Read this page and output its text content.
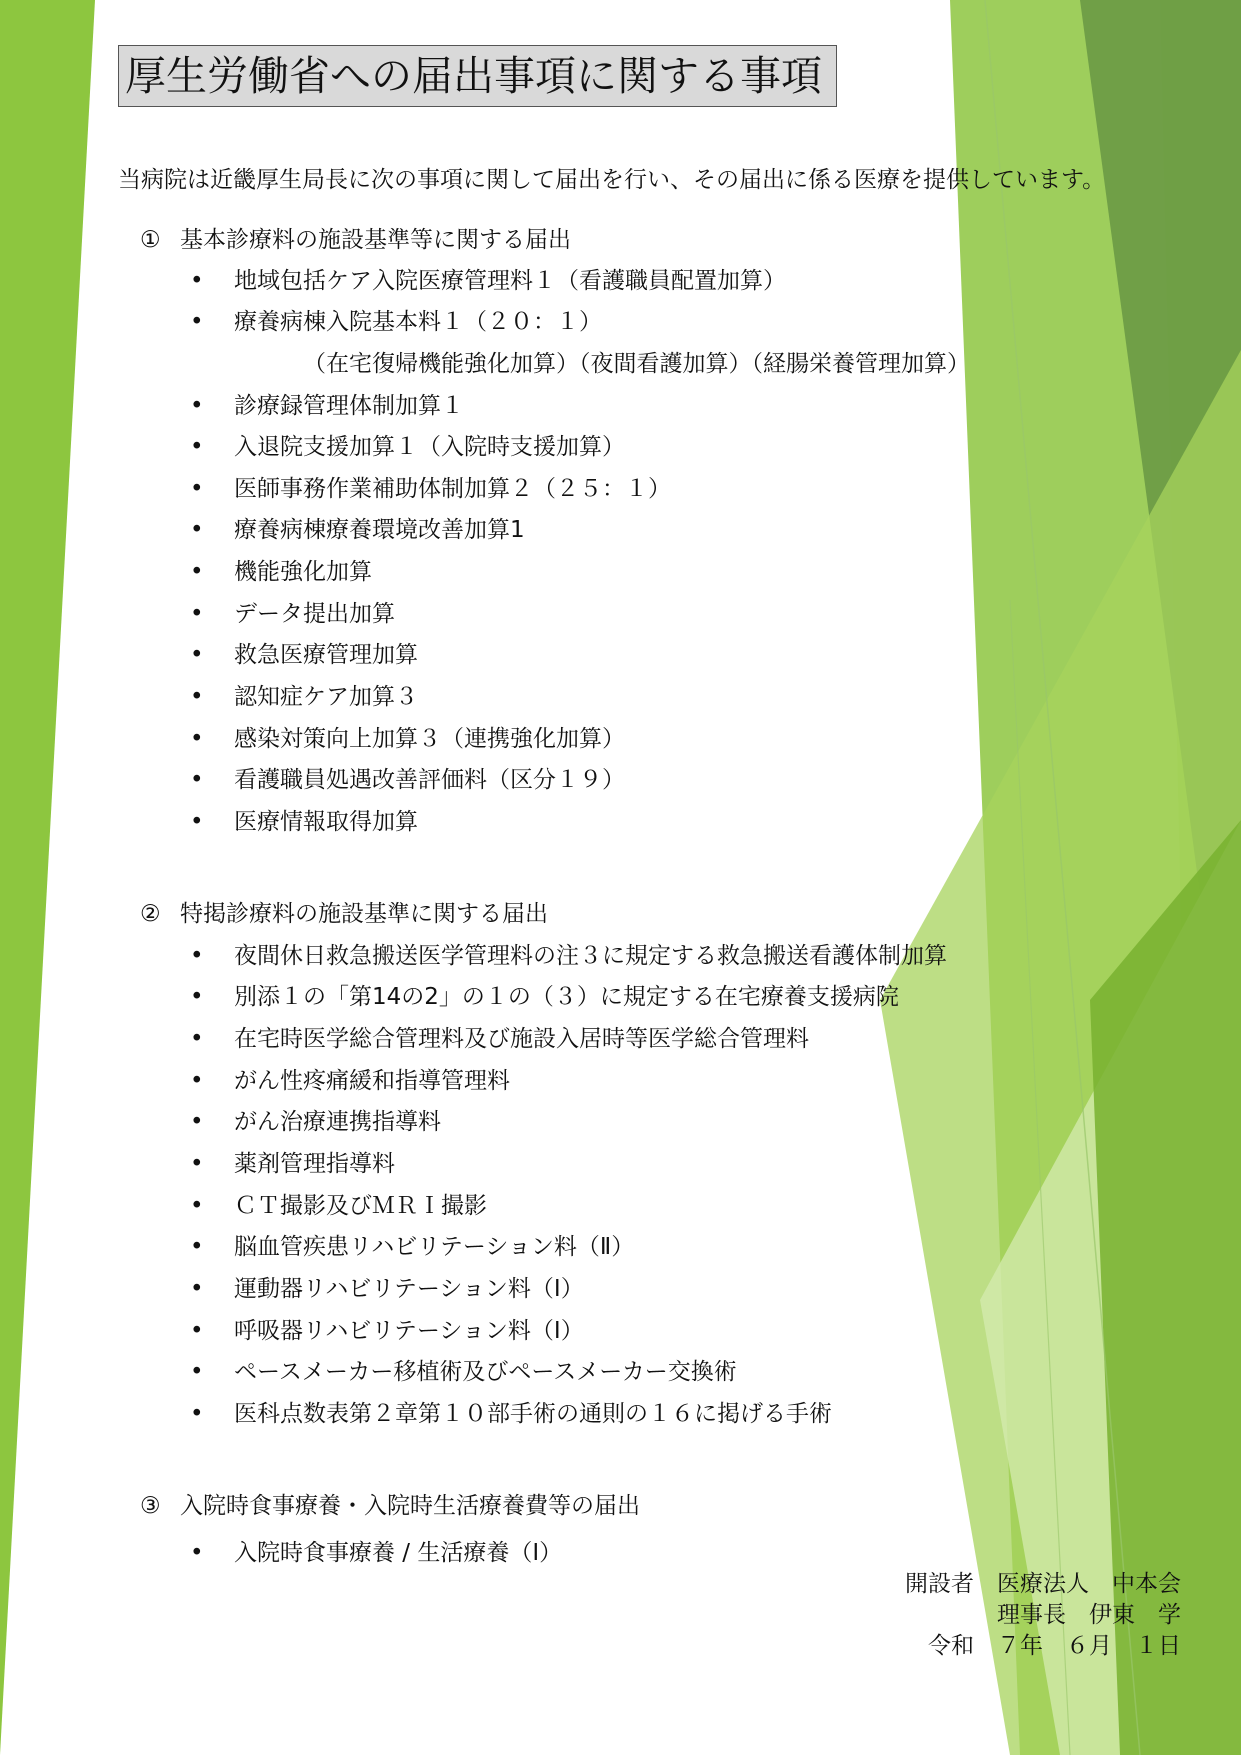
厚生労働省への届出事項に関する事項
当病院は近畿厚生局長に次の事項に関して届出を行い、その届出に係る医療を提供しています。
① 基本診療料の施設基準等に関する届出
• 地域包括ケア入院医療管理料１（看護職員配置加算）
• 療養病棟入院基本料１（２０：１）
（在宅復帰機能強化加算）（夜間看護加算）（経腸栄養管理加算）
• 診療録管理体制加算１
• 入退院支援加算１（入院時支援加算）
• 医師事務作業補助体制加算２（２５：１）
• 療養病棟療養環境改善加算1
• 機能強化加算
• データ提出加算
• 救急医療管理加算
• 認知症ケア加算３
• 感染対策向上加算３（連携強化加算）
• 看護職員処遇改善評価料（区分１９）
• 医療情報取得加算
② 特掲診療料の施設基準に関する届出
• 夜間休日救急搬送医学管理料の注３に規定する救急搬送看護体制加算
• 別添１の「第14の2」の１の（３）に規定する在宅療養支援病院
• 在宅時医学総合管理料及び施設入居時等医学総合管理料
• がん性疼痛緩和指導管理料
• がん治療連携指導料
• 薬剤管理指導料
• ＣＴ撮影及びＭＲＩ撮影
• 脳血管疾患リハビリテーション料（Ⅱ）
• 運動器リハビリテーション料（Ⅰ）
• 呼吸器リハビリテーション料（Ⅰ）
• ペースメーカー移植術及びペースメーカー交換術
• 医科点数表第２章第１０部手術の通則の１６に掲げる手術
③ 入院時食事療養・入院時生活療養費等の届出
• 入院時食事療養 / 生活療養（Ⅰ）
開設者　医療法人　中本会
理事長　伊東　学
令和　７年　６月　１日
